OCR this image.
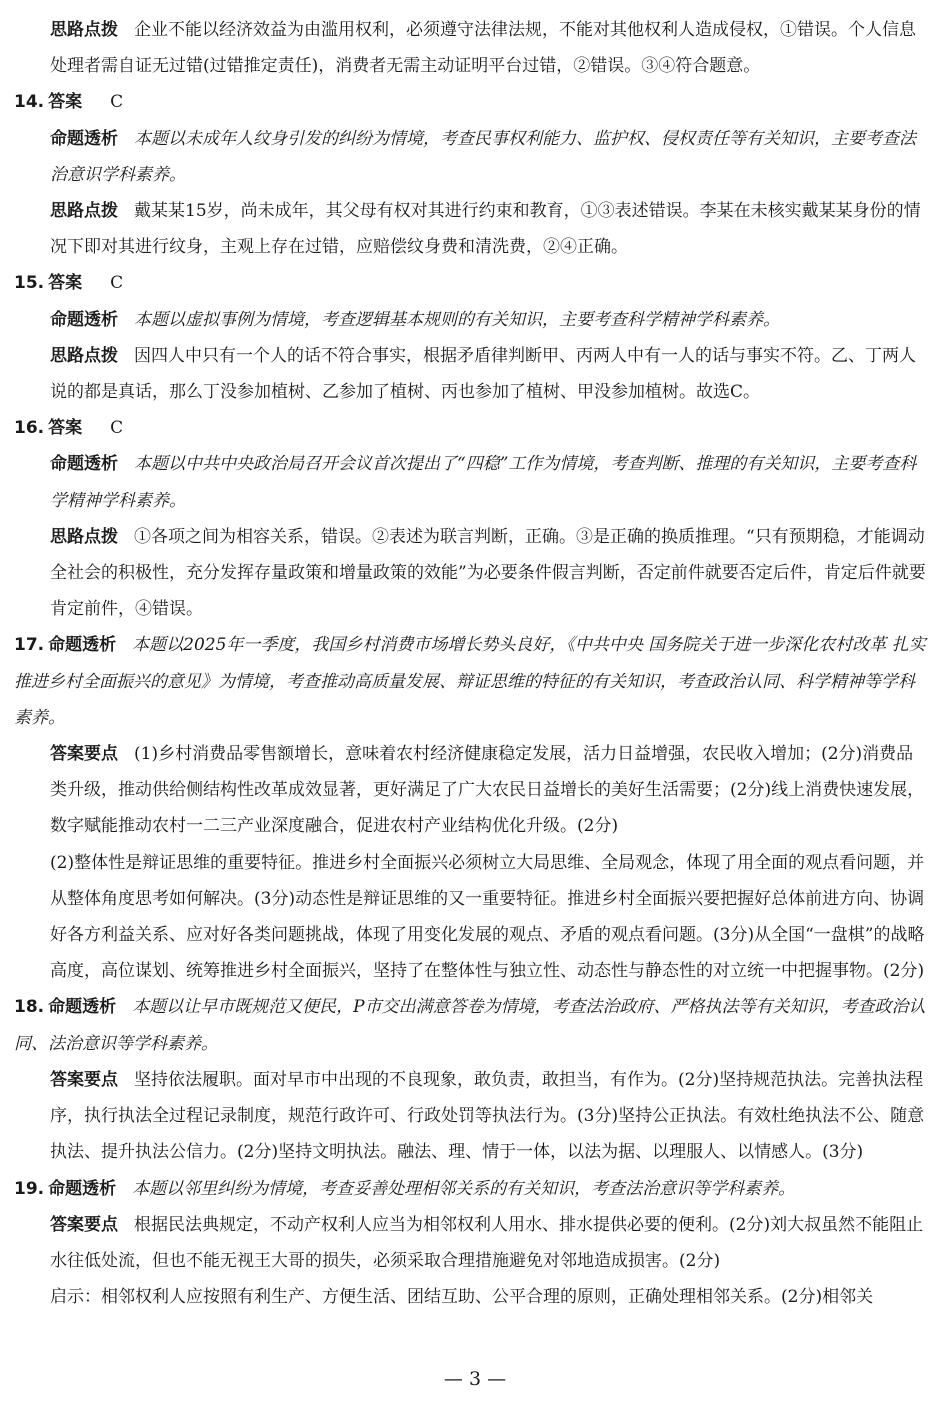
思路点拨 企业不能以经济效益为由滥用权利，必须遵守法律法规，不能对其他权利人造成侵权，①错误。个人信息处理者需自证无过错(过错推定责任)，消费者无需主动证明平台过错，②错误。③④符合题意。
14. 答案 C
命题透析 本题以未成年人纹身引发的纠纷为情境，考查民事权利能力、监护权、侵权责任等有关知识，主要考查法治意识学科素养。
思路点拨 戴某某15岁，尚未成年，其父母有权对其进行约束和教育，①③表述错误。李某在未核实戴某某身份的情况下即对其进行纹身，主观上存在过错，应赔偿纹身费和清洗费，②④正确。
15. 答案 C
命题透析 本题以虚拟事例为情境，考查逻辑基本规则的有关知识，主要考查科学精神学科素养。
思路点拨 因四人中只有一个人的话不符合事实，根据矛盾律判断甲、丙两人中有一人的话与事实不符。乙、丁两人说的都是真话，那么丁没参加植树、乙参加了植树、丙也参加了植树、甲没参加植树。故选C。
16. 答案 C
命题透析 本题以中共中央政治局召开会议首次提出了“四稳”工作为情境，考查判断、推理的有关知识，主要考查科学精神学科素养。
思路点拨 ①各项之间为相容关系，错误。②表述为联言判断，正确。③是正确的换质推理。“只有预期稳，才能调动全社会的积极性，充分发挥存量政策和增量政策的效能”为必要条件假言判断，否定前件就要否定后件，肯定后件就要肯定前件，④错误。
17. 命题透析 本题以2025年一季度，我国乡村消费市场增长势头良好，《中共中央 国务院关于进一步深化农村改革 扎实推进乡村全面振兴的意见》为情境，考查推动高质量发展、辩证思维的特征的有关知识，考查政治认同、科学精神等学科素养。
答案要点 (1)乡村消费品零售额增长，意味着农村经济健康稳定发展，活力日益增强，农民收入增加；(2分)消费品类升级，推动供给侧结构性改革成效显著，更好满足了广大农民日益增长的美好生活需要；(2分)线上消费快速发展，数字赋能推动农村一二三产业深度融合，促进农村产业结构优化升级。(2分)
(2)整体性是辩证思维的重要特征。推进乡村全面振兴必须树立大局思维、全局观念，体现了用全面的观点看问题，并从整体角度思考如何解决。(3分)动态性是辩证思维的又一重要特征。推进乡村全面振兴要把握好总体前进方向、协调好各方利益关系、应对好各类问题挑战，体现了用变化发展的观点、矛盾的观点看问题。(3分)从全国“一盘棋”的战略高度，高位谋划、统筹推进乡村全面振兴，坚持了在整体性与独立性、动态性与静态性的对立统一中把握事物。(2分)
18. 命题透析 本题以让早市既规范又便民，P市交出满意答卷为情境，考查法治政府、严格执法等有关知识，考查政治认同、法治意识等学科素养。
答案要点 坚持依法履职。面对早市中出现的不良现象，敢负责，敢担当，有作为。(2分)坚持规范执法。完善执法程序，执行执法全过程记录制度，规范行政许可、行政处罚等执法行为。(3分)坚持公正执法。有效杜绝执法不公、随意执法、提升执法公信力。(2分)坚持文明执法。融法、理、情于一体，以法为据、以理服人、以情感人。(3分)
19. 命题透析 本题以邻里纠纷为情境，考查妥善处理相邻关系的有关知识，考查法治意识等学科素养。
答案要点 根据民法典规定，不动产权利人应当为相邻权利人用水、排水提供必要的便利。(2分)刘大叔虽然不能阻止水往低处流，但也不能无视王大哥的损失，必须采取合理措施避免对邻地造成损害。(2分)
启示：相邻权利人应按照有利生产、方便生活、团结互助、公平合理的原则，正确处理相邻关系。(2分)相邻关
— 3 —
